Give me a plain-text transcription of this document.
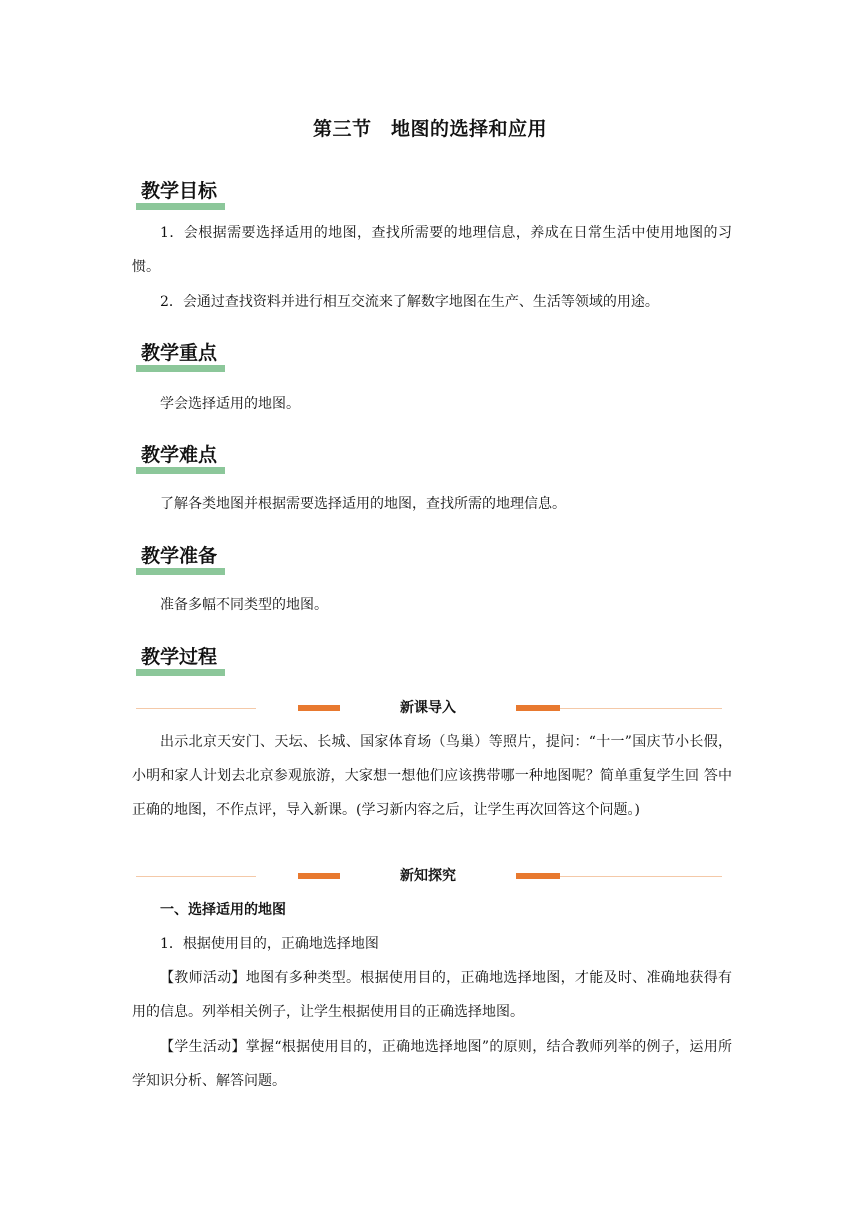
第三节　地图的选择和应用
教学目标

1．会根据需要选择适用的地图，查找所需要的地理信息，养成在日常生活中使用地图的习惯。

2．会通过查找资料并进行相互交流来了解数字地图在生产、生活等领域的用途。

教学重点

学会选择适用的地图。

教学难点

了解各类地图并根据需要选择适用的地图，查找所需的地理信息。

教学准备

准备多幅不同类型的地图。

教学过程
新课导入

出示北京天安门、天坛、长城、国家体育场（鸟巢）等照片，提问：“十一”国庆节小长假，小明和家人计划去北京参观旅游，大家想一想他们应该携带哪一种地图呢？简单重复学生回 答中正确的地图，不作点评，导入新课。(学习新内容之后，让学生再次回答这个问题。)

新知探究

一、选择适用的地图

1．根据使用目的，正确地选择地图

【教师活动】地图有多种类型。根据使用目的，正确地选择地图，才能及时、准确地获得有用的信息。列举相关例子，让学生根据使用目的正确选择地图。

【学生活动】掌握“根据使用目的，正确地选择地图”的原则，结合教师列举的例子，运用所学知识分析、解答问题。
